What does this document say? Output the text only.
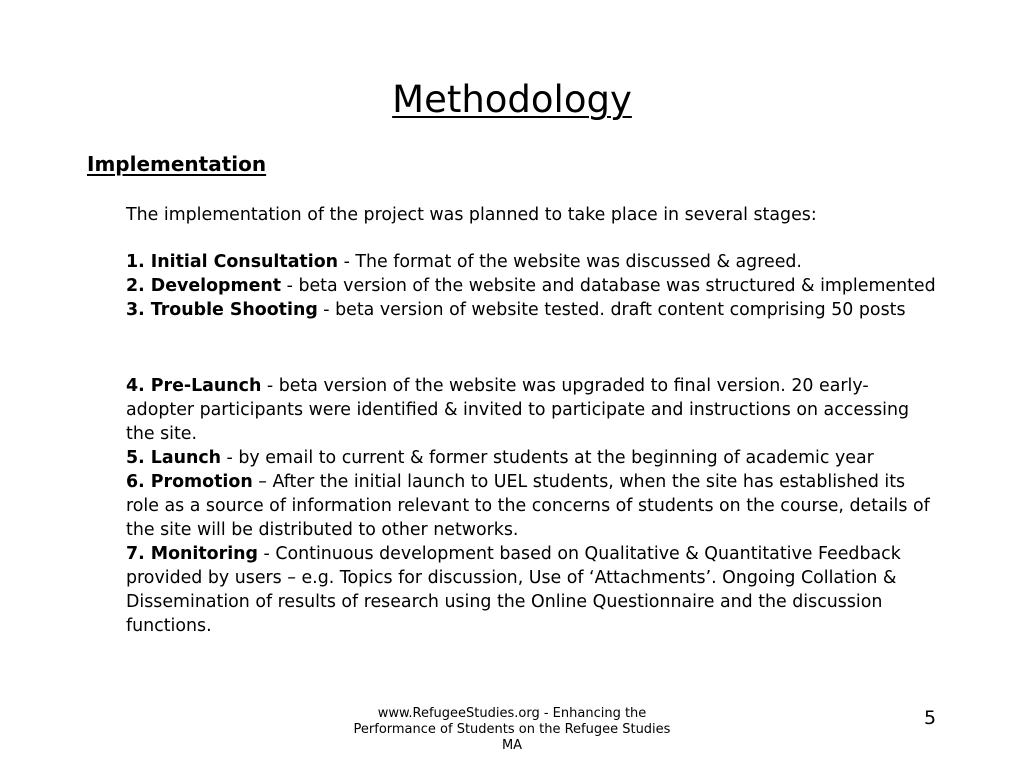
Methodology
Implementation
The implementation of the project was planned to take place in several stages:
1. Initial Consultation - The format of the website was discussed & agreed.
2. Development - beta version of the website and database was structured & implemented
3. Trouble Shooting - beta version of website tested. draft content comprising 50 posts
4. Pre-Launch - beta version of the website was upgraded to final version. 20 early-adopter participants were identified & invited to participate and instructions on accessing the site.
5. Launch - by email to current & former students at the beginning of academic year
6. Promotion – After the initial launch to UEL students, when the site has established its role as a source of information relevant to the concerns of students on the course, details of the site will be distributed to other networks.
7. Monitoring - Continuous development based on Qualitative & Quantitative Feedback provided by users – e.g. Topics for discussion, Use of ‘Attachments’. Ongoing Collation & Dissemination of results of research using the Online Questionnaire and the discussion functions.
www.RefugeeStudies.org - Enhancing the Performance of Students on the Refugee Studies MA
5
